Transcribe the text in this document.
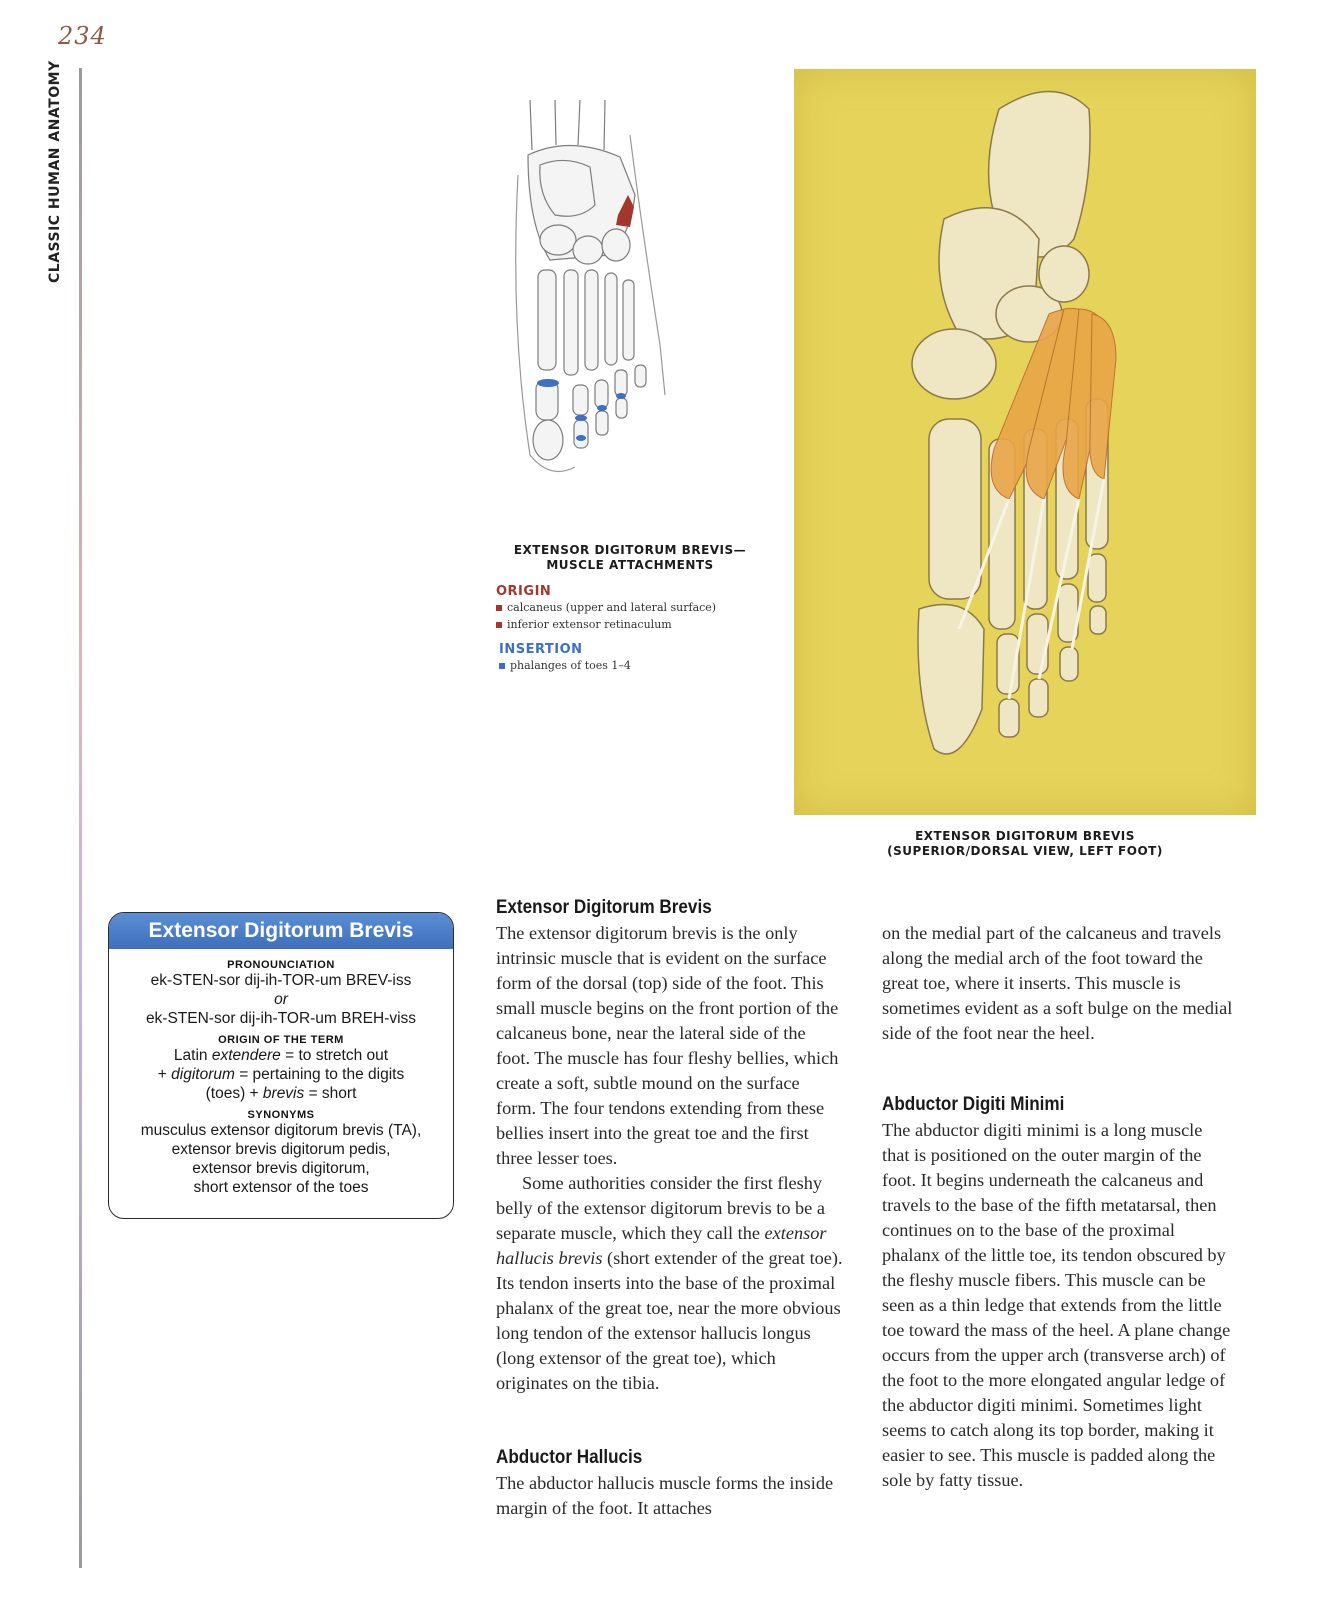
234
CLASSIC HUMAN ANATOMY
EXTENSOR DIGITORUM BREVIS—
MUSCLE ATTACHMENTS
ORIGIN
calcaneus (upper and lateral surface)
inferior extensor retinaculum
INSERTION
phalanges of toes 1–4
EXTENSOR DIGITORUM BREVIS
(SUPERIOR/DORSAL VIEW, LEFT FOOT)
Extensor Digitorum Brevis
PRONOUNCIATION
ek-STEN-sor dij-ih-TOR-um BREV-iss
or
ek-STEN-sor dij-ih-TOR-um BREH-viss
ORIGIN OF THE TERM
Latin extendere = to stretch out
+ digitorum = pertaining to the digits
(toes) + brevis = short
SYNONYMS
musculus extensor digitorum brevis (TA),
extensor brevis digitorum pedis,
extensor brevis digitorum,
short extensor of the toes
Extensor Digitorum Brevis

The extensor digitorum brevis is the only intrinsic muscle that is evident on the surface form of the dorsal (top) side of the foot. This small muscle begins on the front portion of the calcaneus bone, near the lateral side of the foot. The muscle has four fleshy bellies, which create a soft, subtle mound on the surface form. The four tendons extending from these bellies insert into the great toe and the first three lesser toes.

Some authorities consider the first fleshy belly of the extensor digitorum brevis to be a separate muscle, which they call the extensor hallucis brevis (short extender of the great toe). Its tendon inserts into the base of the proximal phalanx of the great toe, near the more obvious long tendon of the extensor hallucis longus (long extensor of the great toe), which originates on the tibia.

Abductor Hallucis

The abductor hallucis muscle forms the inside margin of the foot. It attaches

on the medial part of the calcaneus and travels along the medial arch of the foot toward the great toe, where it inserts. This muscle is sometimes evident as a soft bulge on the medial side of the foot near the heel.

Abductor Digiti Minimi

The abductor digiti minimi is a long muscle that is positioned on the outer margin of the foot. It begins underneath the calcaneus and travels to the base of the fifth metatarsal, then continues on to the base of the proximal phalanx of the little toe, its tendon obscured by the fleshy muscle fibers. This muscle can be seen as a thin ledge that extends from the little toe toward the mass of the heel. A plane change occurs from the upper arch (transverse arch) of the foot to the more elongated angular ledge of the abductor digiti minimi. Sometimes light seems to catch along its top border, making it easier to see. This muscle is padded along the sole by fatty tissue.
